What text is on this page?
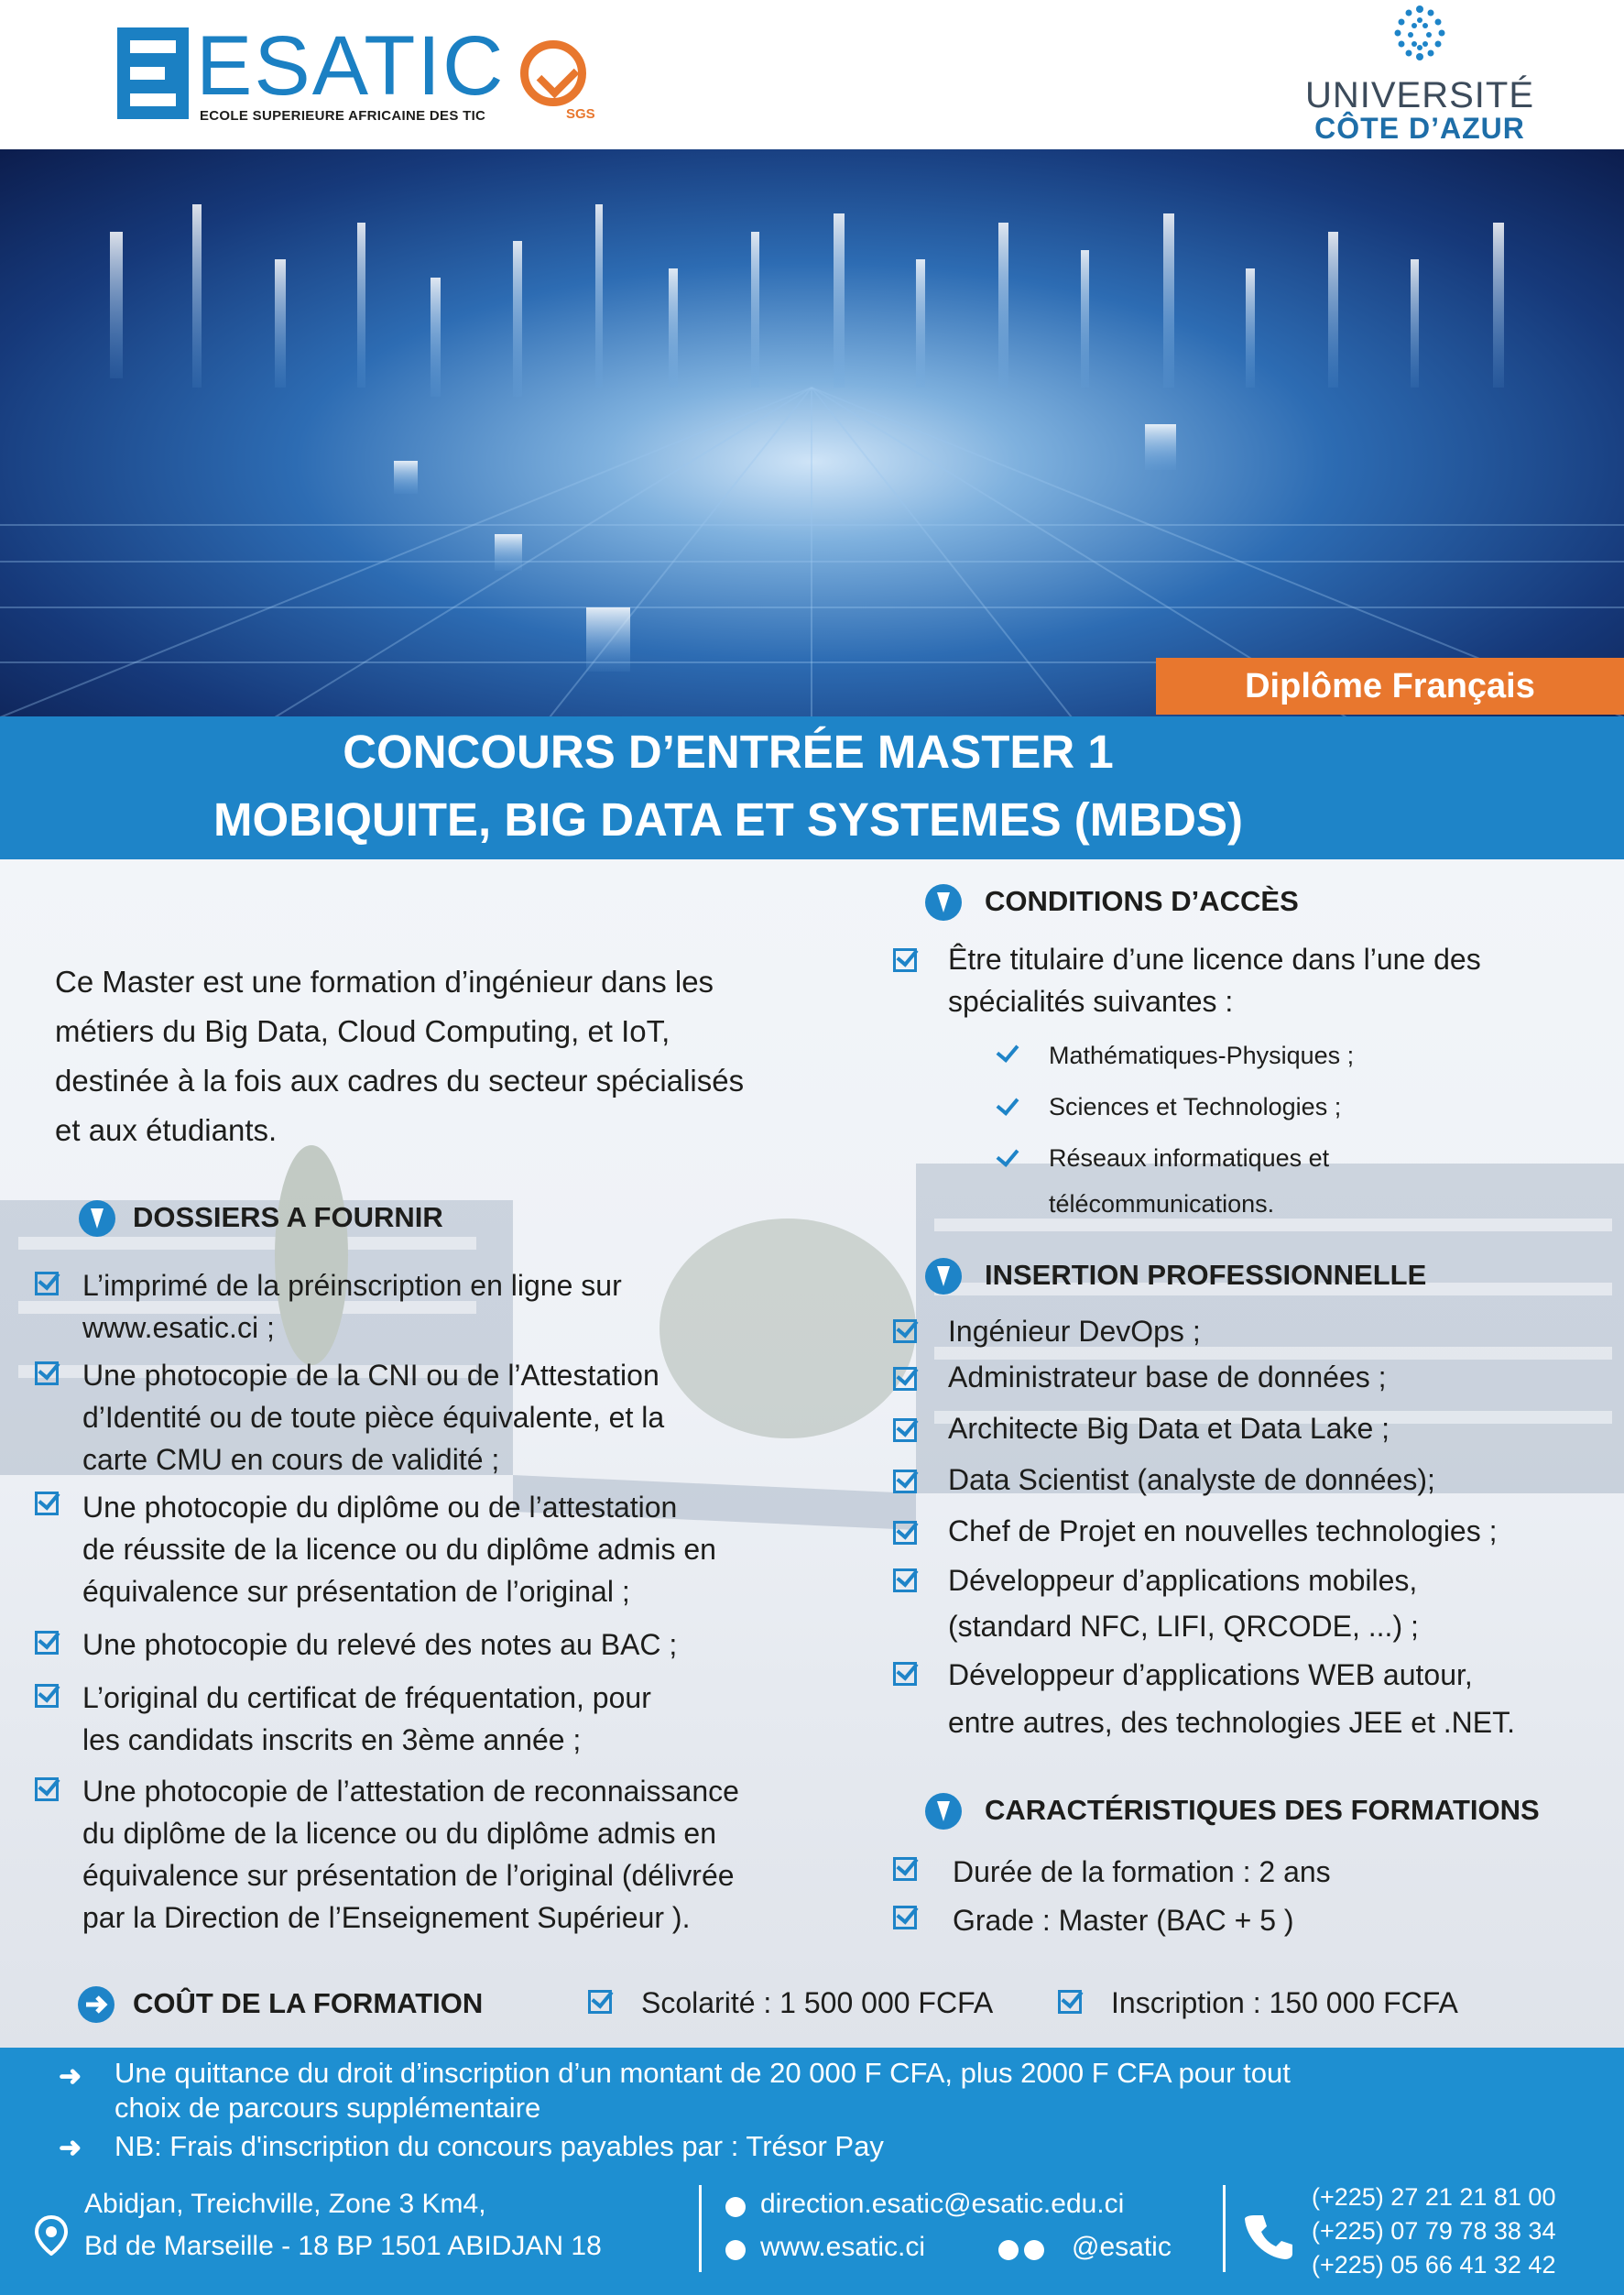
ESATIC
ECOLE SUPERIEURE AFRICAINE DES TIC	SGS	UNIVERSITÉ
CÔTE D’AZUR
Diplôme Français
CONCOURS D’ENTRÉE MASTER 1
MOBIQUITE, BIG DATA ET SYSTEMES (MBDS)
Ce Master est une formation d’ingénieur dans les
métiers du Big Data, Cloud Computing, et IoT,
destinée à la fois aux cadres du secteur spécialisés
et aux étudiants.
DOSSIERS A FOURNIR
L’imprimé de la préinscription en ligne sur
www.esatic.ci ;
Une photocopie de la CNI ou de l’Attestation
d’Identité ou de toute pièce équivalente, et la
carte CMU en cours de validité ;
Une photocopie du diplôme ou de l’attestation
de réussite de la licence ou du diplôme admis en
équivalence sur présentation de l’original ;
Une photocopie du relevé des notes au BAC ;
L’original du certificat de fréquentation, pour
les candidats inscrits en 3ème année ;
Une photocopie de l’attestation de reconnaissance
du diplôme de la licence ou du diplôme admis en
équivalence sur présentation de l’original (délivrée
par la Direction de l’Enseignement Supérieur ).
CONDITIONS D’ACCÈS
Être titulaire d’une licence dans l’une des
spécialités suivantes :
Mathématiques-Physiques ;
Sciences et Technologies ;
Réseaux informatiques et
télécommunications.
INSERTION PROFESSIONNELLE
Ingénieur DevOps ;
Administrateur base de données ;
Architecte Big Data et Data Lake ;
Data Scientist (analyste de données);
Chef de Projet en nouvelles technologies ;
Développeur d’applications mobiles,
(standard NFC, LIFI, QRCODE, ...) ;
Développeur d’applications WEB autour,
entre autres, des technologies JEE et .NET.
CARACTÉRISTIQUES DES FORMATIONS
Durée de la formation : 2 ans
Grade : Master (BAC + 5 )
COÛT DE LA FORMATION	Scolarité : 1 500 000 FCFA	Inscription : 150 000 FCFA
➜ Une quittance du droit d’inscription d’un montant de 20 000 F CFA, plus 2000 F CFA pour tout
choix de parcours supplémentaire
➜ NB: Frais d'inscription du concours payables par : Trésor Pay
Abidjan, Treichville, Zone 3 Km4,
Bd de Marseille - 18 BP 1501 ABIDJAN 18
direction.esatic@esatic.edu.ci
www.esatic.ci	@esatic
(+225) 27 21 21 81 00
(+225) 07 79 78 38 34
(+225) 05 66 41 32 42
